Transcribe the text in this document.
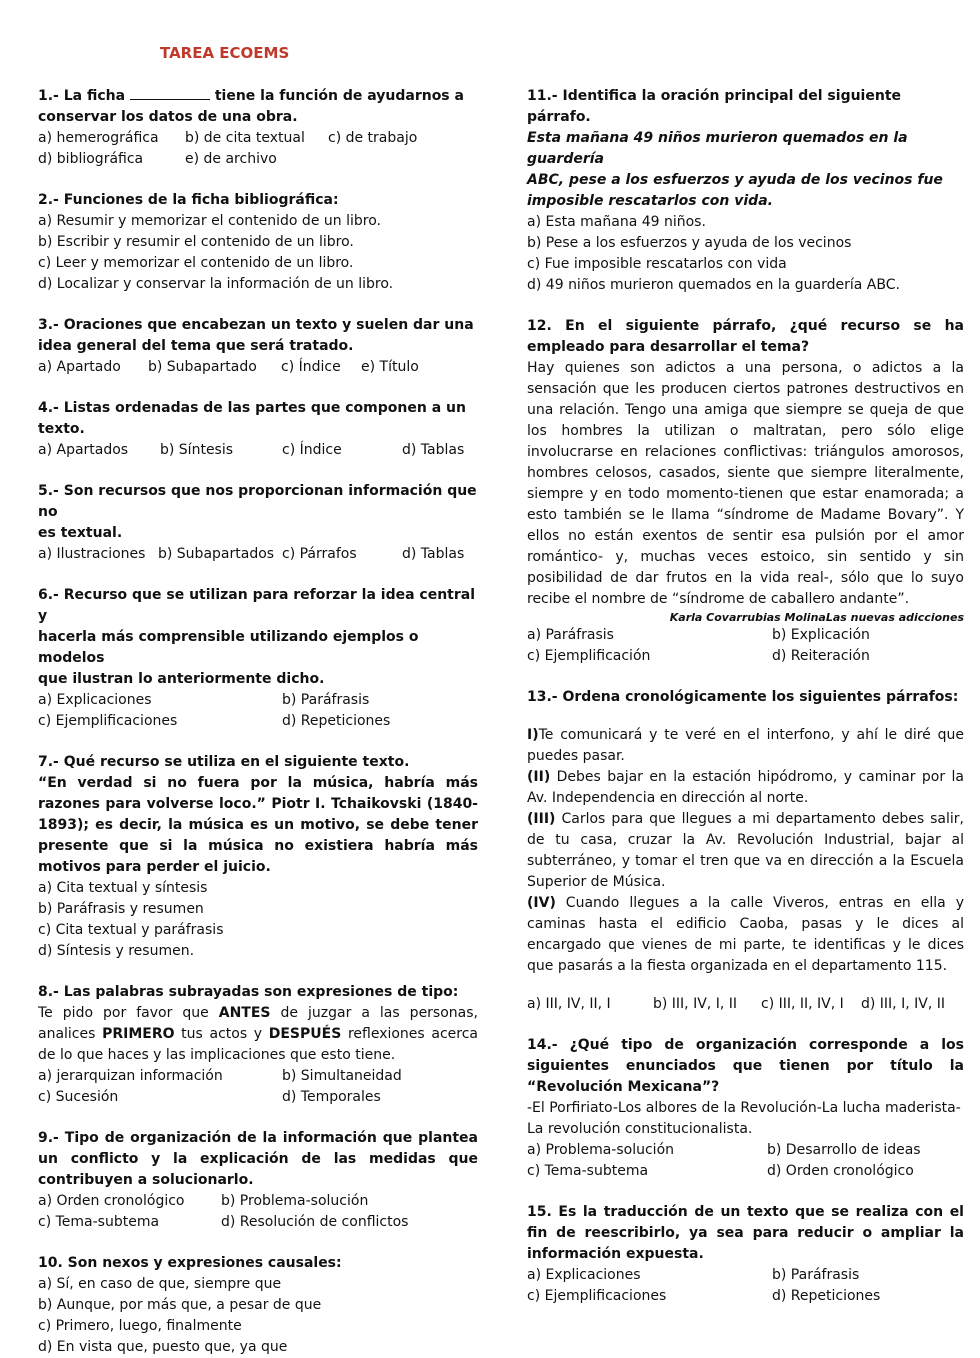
TAREA ECOEMS
1.- La ficha	tiene la función de ayudarnos a
conservar los datos de una obra.
a) hemerográfica	b) de cita textual	c) de trabajo
d) bibliográfica	e) de archivo
2.- Funciones de la ficha bibliográfica:
a) Resumir y memorizar el contenido de un libro.
b) Escribir y resumir el contenido de un libro.
c) Leer y memorizar el contenido de un libro.
d) Localizar y conservar la información de un libro.
3.- Oraciones que encabezan un texto y suelen dar una
idea general del tema que será tratado.
a) Apartado	b) Subapartado	c) Índice	e) Título
4.- Listas ordenadas de las partes que componen a un texto.
a) Apartados	b) Síntesis	c) Índice	d) Tablas
5.- Son recursos que nos proporcionan información que no
es textual.
a) Ilustraciones b) Subapartados c) Párrafos	d) Tablas
6.- Recurso que se utilizan para reforzar la idea central y
hacerla más comprensible utilizando ejemplos o modelos
que ilustran lo anteriormente dicho.
a) Explicaciones	b) Paráfrasis
c) Ejemplificaciones	d) Repeticiones
7.- Qué recurso se utiliza en el siguiente texto.
“En verdad si no fuera por la música, habría más razones para volverse loco.” Piotr I. Tchaikovski (1840-1893); es decir, la música es un motivo, se debe tener presente que si la música no existiera habría más motivos para perder el juicio.
a) Cita textual y síntesis
b) Paráfrasis y resumen
c) Cita textual y paráfrasis
d) Síntesis y resumen.
8.- Las palabras subrayadas son expresiones de tipo:
Te pido por favor que ANTES de juzgar a las personas, analices PRIMERO tus actos y DESPUÉS reflexiones acerca de lo que haces y las implicaciones que esto tiene.
a) jerarquizan información	b) Simultaneidad
c) Sucesión	d) Temporales
9.- Tipo de organización de la información que plantea un conflicto y la explicación de las medidas que contribuyen a solucionarlo.
a) Orden cronológico	b) Problema-solución
c) Tema-subtema	d) Resolución de conflictos
10. Son nexos y expresiones causales:
a) Sí, en caso de que, siempre que
b) Aunque, por más que, a pesar de que
c) Primero, luego, finalmente
d) En vista que, puesto que, ya que
11.- Identifica la oración principal del siguiente párrafo.
Esta mañana 49 niños murieron quemados en la guardería
ABC, pese a los esfuerzos y ayuda de los vecinos fue
imposible rescatarlos con vida.
a) Esta mañana 49 niños.
b) Pese a los esfuerzos y ayuda de los vecinos
c) Fue imposible rescatarlos con vida
d) 49 niños murieron quemados en la guardería ABC.
12. En el siguiente párrafo, ¿qué recurso se ha empleado para desarrollar el tema?
Hay quienes son adictos a una persona, o adictos a la sensación que les producen ciertos patrones destructivos en una relación. Tengo una amiga que siempre se queja de que los hombres la utilizan o maltratan, pero sólo elige involucrarse en relaciones conflictivas: triángulos amorosos, hombres celosos, casados, siente que siempre literalmente, siempre y en todo momento-tienen que estar enamorada; a esto también se le llama “síndrome de Madame Bovary”. Y ellos no están exentos de sentir esa pulsión por el amor romántico- y, muchas veces estoico, sin sentido y sin posibilidad de dar frutos en la vida real-, sólo que lo suyo recibe el nombre de “síndrome de caballero andante”.
Karla Covarrubias MolinaLas nuevas adicciones
a) Paráfrasis	b) Explicación
c) Ejemplificación	d) Reiteración
13.- Ordena cronológicamente los siguientes párrafos:
I)Te comunicará y te veré en el interfono, y ahí le diré que puedes pasar.
(II) Debes bajar en la estación hipódromo, y caminar por la Av. Independencia en dirección al norte.
(III) Carlos para que llegues a mi departamento debes salir, de tu casa, cruzar la Av. Revolución Industrial, bajar al subterráneo, y tomar el tren que va en dirección a la Escuela Superior de Música.
(IV) Cuando llegues a la calle Viveros, entras en ella y caminas hasta el edificio Caoba, pasas y le dices al encargado que vienes de mi parte, te identificas y le dices que pasarás a la fiesta organizada en el departamento 115.
a) III, IV, II, I	b) III, IV, I, II	c) III, II, IV, I	d) III, I, IV, II
14.- ¿Qué tipo de organización corresponde a los siguientes enunciados que tienen por título la “Revolución Mexicana”?
-El Porfiriato-Los albores de la Revolución-La lucha maderista-
La revolución constitucionalista.
a) Problema-solución	b) Desarrollo de ideas
c) Tema-subtema	d) Orden cronológico
15. Es la traducción de un texto que se realiza con el fin de reescribirlo, ya sea para reducir o ampliar la información expuesta.
a) Explicaciones	b) Paráfrasis
c) Ejemplificaciones	d) Repeticiones
